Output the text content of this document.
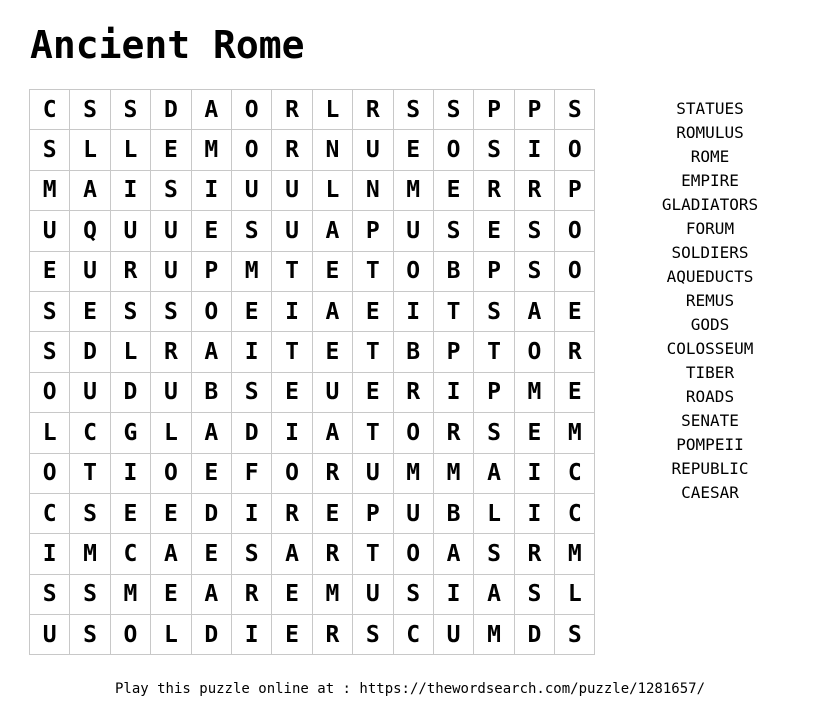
Ancient Rome
C	S	S	D	A	O	R	L	R	S	S	P	P	S
S	L	L	E	M	O	R	N	U	E	O	S	I	O
M	A	I	S	I	U	U	L	N	M	E	R	R	P
U	Q	U	U	E	S	U	A	P	U	S	E	S	O
E	U	R	U	P	M	T	E	T	O	B	P	S	O
S	E	S	S	O	E	I	A	E	I	T	S	A	E
S	D	L	R	A	I	T	E	T	B	P	T	O	R
O	U	D	U	B	S	E	U	E	R	I	P	M	E
L	C	G	L	A	D	I	A	T	O	R	S	E	M
O	T	I	O	E	F	O	R	U	M	M	A	I	C
C	S	E	E	D	I	R	E	P	U	B	L	I	C
I	M	C	A	E	S	A	R	T	O	A	S	R	M
S	S	M	E	A	R	E	M	U	S	I	A	S	L
U	S	O	L	D	I	E	R	S	C	U	M	D	S
STATUES
ROMULUS
ROME
EMPIRE
GLADIATORS
FORUM
SOLDIERS
AQUEDUCTS
REMUS
GODS
COLOSSEUM
TIBER
ROADS
SENATE
POMPEII
REPUBLIC
CAESAR
Play this puzzle online at : https://thewordsearch.com/puzzle/1281657/
